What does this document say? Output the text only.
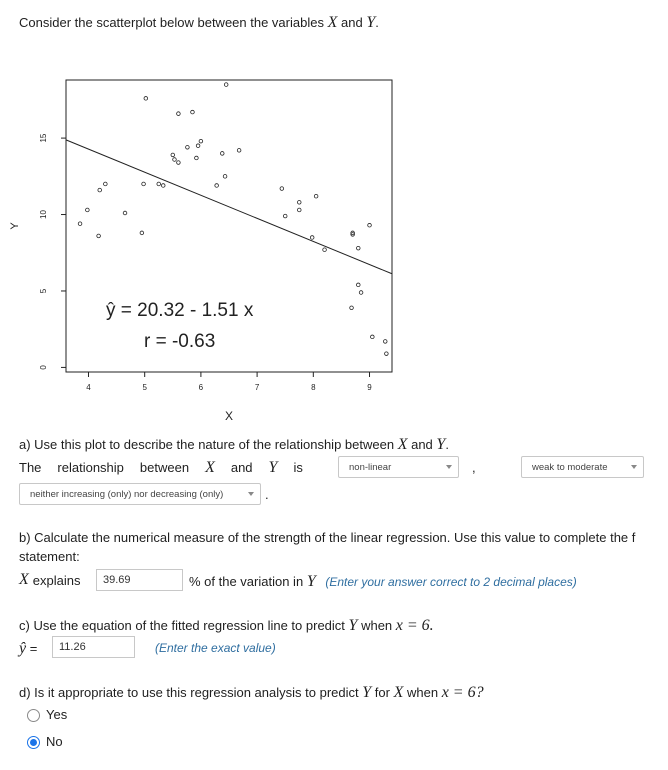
Consider the scatterplot below between the variables X and Y.
4	5	6	7	8	9
0
5
10
15
ŷ = 20.32 - 1.51 x
r = -0.63
X
Y
a) Use this plot to describe the nature of the relationship between X and Y.
The relationship between X and Y is	non-linear	,	weak to moderate
neither increasing (only) nor decreasing (only)	.
b) Calculate the numerical measure of the strength of the linear regression. Use this value to complete the f
statement:
X explains 39.69	% of the variation in Y (Enter your answer correct to 2 decimal places)
c) Use the equation of the fitted regression line to predict Y when x = 6.
ŷ = 11.26	(Enter the exact value)
d) Is it appropriate to use this regression analysis to predict Y for X when x = 6?
Yes
No
